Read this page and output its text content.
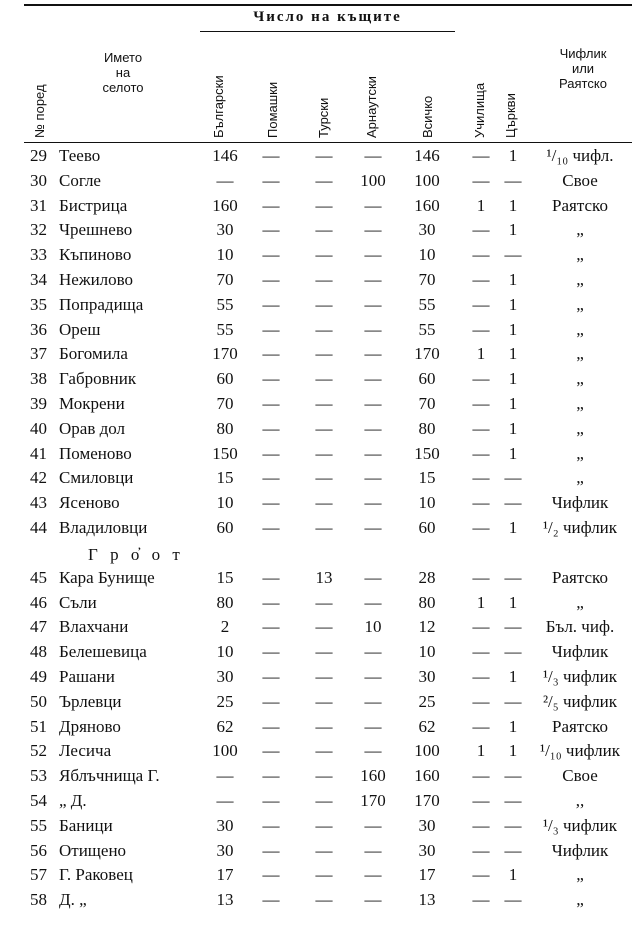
Число на къщите
№ поред
Името
на
селото	Български	Помашки	Турски	Арнаутски	Всичко	Училища Църкви
Чифлик
или
Раятско
29 Теево	146	—	—	—	146	—	1	¹/₁₀ чифл.
30 Согле	—	—	—	100	100	— —	Свое
31 Бистрица	160	—	—	—	160	1	1	Раятско
32 Чрешнево	30	—	—	—	30	—	1	„
33 Къпиново	10	—	—	—	10	— —	„
34 Нежилово	70	—	—	—	70	—	1	„
35 Попрадища	55	—	—	—	55	—	1	„
36 Ореш	55	—	—	—	55	—	1	„
37 Богомила	170	—	—	—	170	1	1	„
38 Габровник	60	—	—	—	60	—	1	„
39 Мокрени	70	—	—	—	70	—	1	„
40 Орав дол	80	—	—	—	80	—	1	„
41 Поменово	150	—	—	—	150	—	1	„
42 Смиловци	15	—	—	—	15	— —	„
43 Ясеново	10	—	—	—	10	— —	Чифлик
44 Владиловци	60	—	—	—	60	—	1	¹/₂ чифлик
45 Кара Бунище	15	—	13	—	28	— —	Раятско
46 Съли	80	—	—	—	80	1	1	„
47 Влахчани	2	—	—	10	12	— —	Бъл. чиф.
48 Белешевица	10	—	—	—	10	— —	Чифлик
49 Рашани	30	—	—	—	30	—	1	¹/₃ чифлик
50 Ърлевци	25	—	—	—	25	— —	²/₅ чифлик
51 Дряново	62	—	—	—	62	—	1	Раятско
52 Лесича	100	—	—	—	100	1	1	¹/₁₀ чифлик
53 Яблъчнища Г.	—	—	—	160	160	— —	Свое
54 „ Д.	—	—	—	170	170	— —	,,
55 Баници	30	—	—	—	30	— —	¹/₃ чифлик
56 Отищено	30	—	—	—	30	— —	Чифлик
57 Г. Раковец	17	—	—	—	17	—	1	„
58 Д. „	13	—	—	—	13	— —	„
Г р о̓ о т
